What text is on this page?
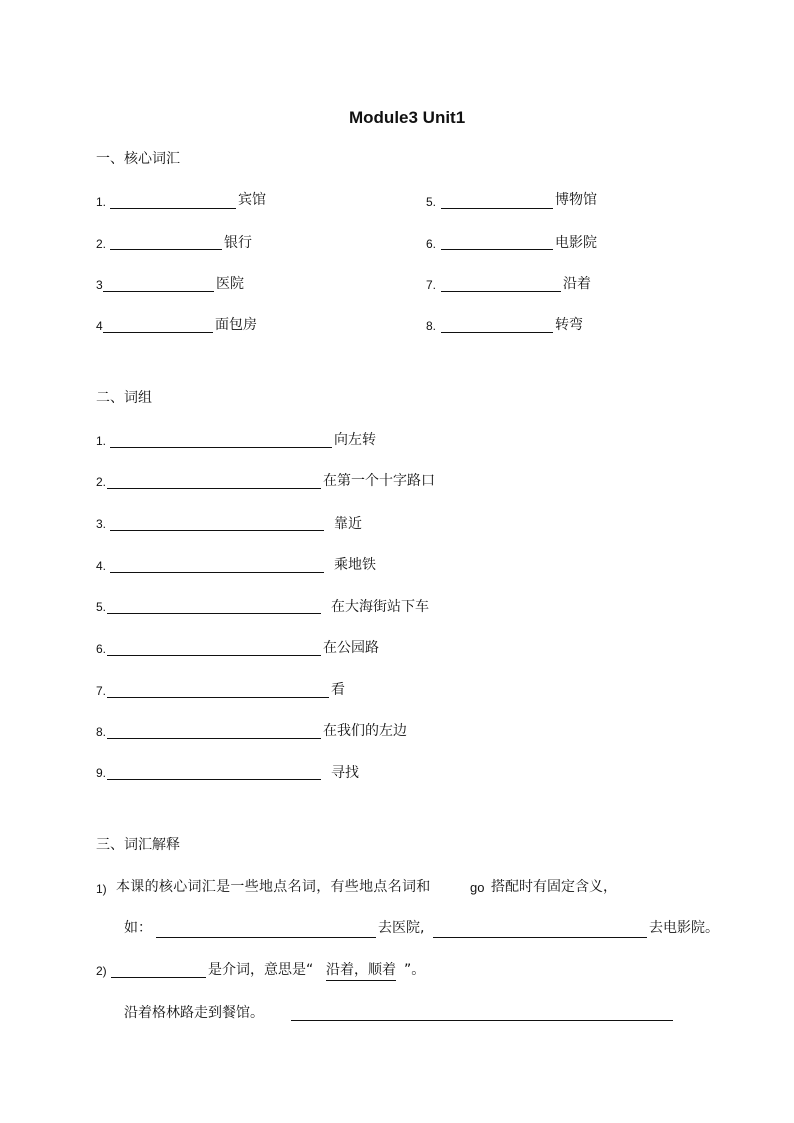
Module3 Unit1
一、核心词汇
1.	宾馆
2.	银行
3	医院
4	面包房
5.	博物馆
6.	电影院
7.	沿着
8.	转弯
二、词组
1.	向左转
2.	在第一个十字路口
3.	靠近
4.	乘地铁
5.	在大海街站下车
6.	在公园路
7.	看
8.	在我们的左边
9.	寻找
三、词汇解释
1) 本课的核心词汇是一些地点名词，有些地点名词和	go 搭配时有固定含义，
如：	去医院,	去电影院。
2)	是介词，意思是“ 沿着，顺着 ”。
沿着格林路走到餐馆。
